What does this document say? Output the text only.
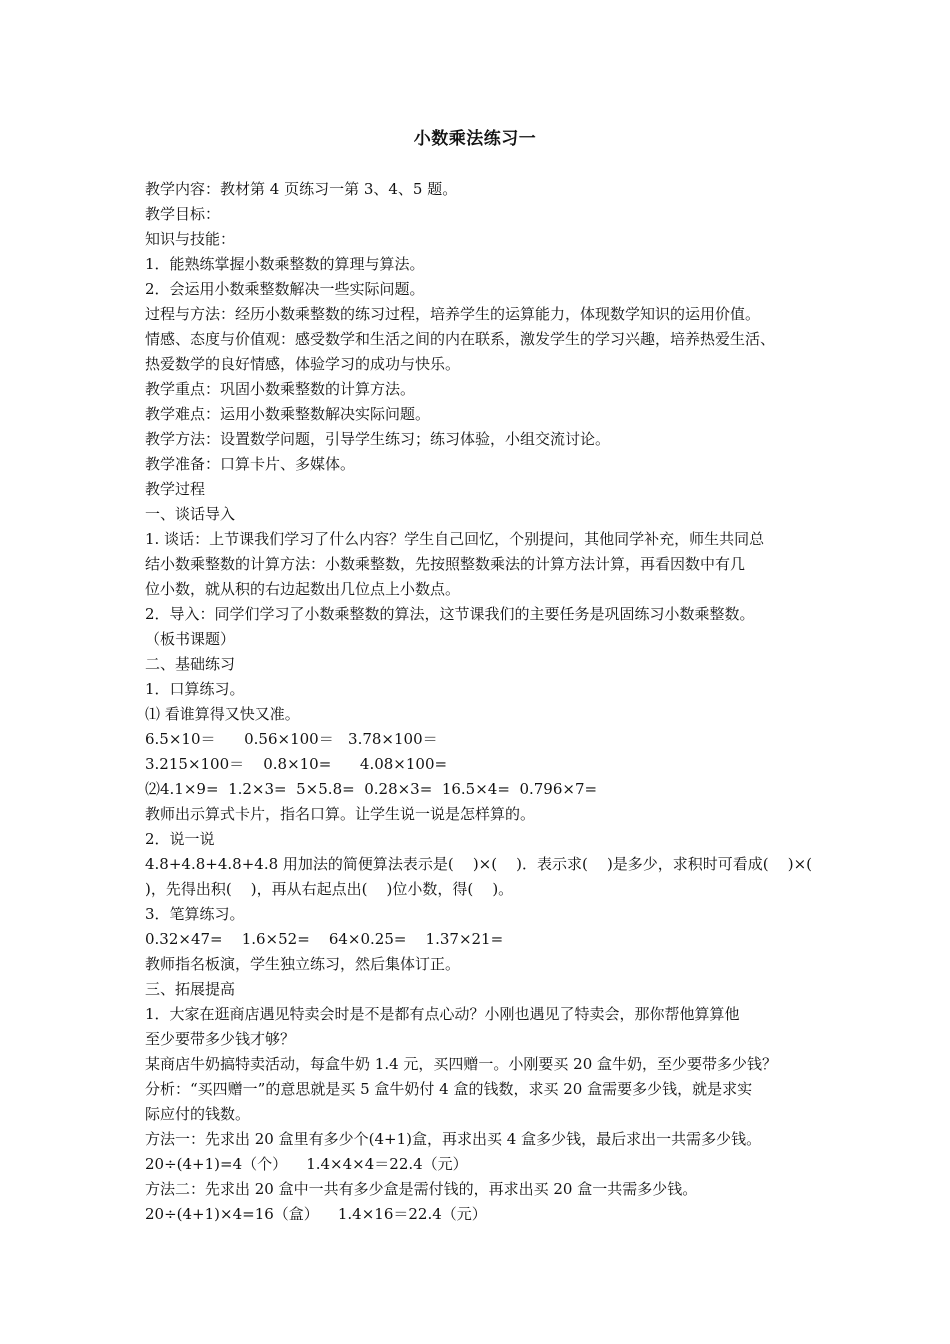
小数乘法练习一

教学内容：教材第 4 页练习一第 3、4、5 题。

教学目标：

知识与技能：

1．能熟练掌握小数乘整数的算理与算法。

2．会运用小数乘整数解决一些实际问题。

过程与方法：经历小数乘整数的练习过程，培养学生的运算能力，体现数学知识的运用价值。

情感、态度与价值观：感受数学和生活之间的内在联系，激发学生的学习兴趣，培养热爱生活、

热爱数学的良好情感，体验学习的成功与快乐。

教学重点：巩固小数乘整数的计算方法。

教学难点：运用小数乘整数解决实际问题。

教学方法：设置数学问题，引导学生练习；练习体验，小组交流讨论。

教学准备：口算卡片、多媒体。

教学过程

一、谈话导入

1. 谈话：上节课我们学习了什么内容？学生自己回忆，个别提问，其他同学补充，师生共同总

结小数乘整数的计算方法：小数乘整数，先按照整数乘法的计算方法计算，再看因数中有几

位小数，就从积的右边起数出几位点上小数点。

2．导入：同学们学习了小数乘整数的算法，这节课我们的主要任务是巩固练习小数乘整数。

（板书课题）

二、基础练习

1．口算练习。

⑴ 看谁算得又快又准。

6.5×10＝      0.56×100＝   3.78×100＝

3.215×100＝    0.8×10=      4.08×100=

⑵4.1×9=  1.2×3=  5×5.8=  0.28×3=  16.5×4=  0.796×7=

教师出示算式卡片，指名口算。让学生说一说是怎样算的。

2．说一说

4.8+4.8+4.8+4.8 用加法的简便算法表示是(    )×(    )．表示求(    )是多少，求积时可看成(    )×(

)，先得出积(    )，再从右起点出(    )位小数，得(    )。

3．笔算练习。

0.32×47=    1.6×52=    64×0.25=    1.37×21=

教师指名板演，学生独立练习，然后集体订正。

三、拓展提高

1．大家在逛商店遇见特卖会时是不是都有点心动？小刚也遇见了特卖会，那你帮他算算他

至少要带多少钱才够？

某商店牛奶搞特卖活动，每盒牛奶 1.4 元，买四赠一。小刚要买 20 盒牛奶，至少要带多少钱？

分析：“买四赠一”的意思就是买 5 盒牛奶付 4 盒的钱数，求买 20 盒需要多少钱，就是求实

际应付的钱数。

方法一：先求出 20 盒里有多少个(4+1)盒，再求出买 4 盒多少钱，最后求出一共需多少钱。

20÷(4+1)=4（个）    1.4×4×4＝22.4（元）

方法二：先求出 20 盒中一共有多少盒是需付钱的，再求出买 20 盒一共需多少钱。

20÷(4+1)×4=16（盒）    1.4×16＝22.4（元）
